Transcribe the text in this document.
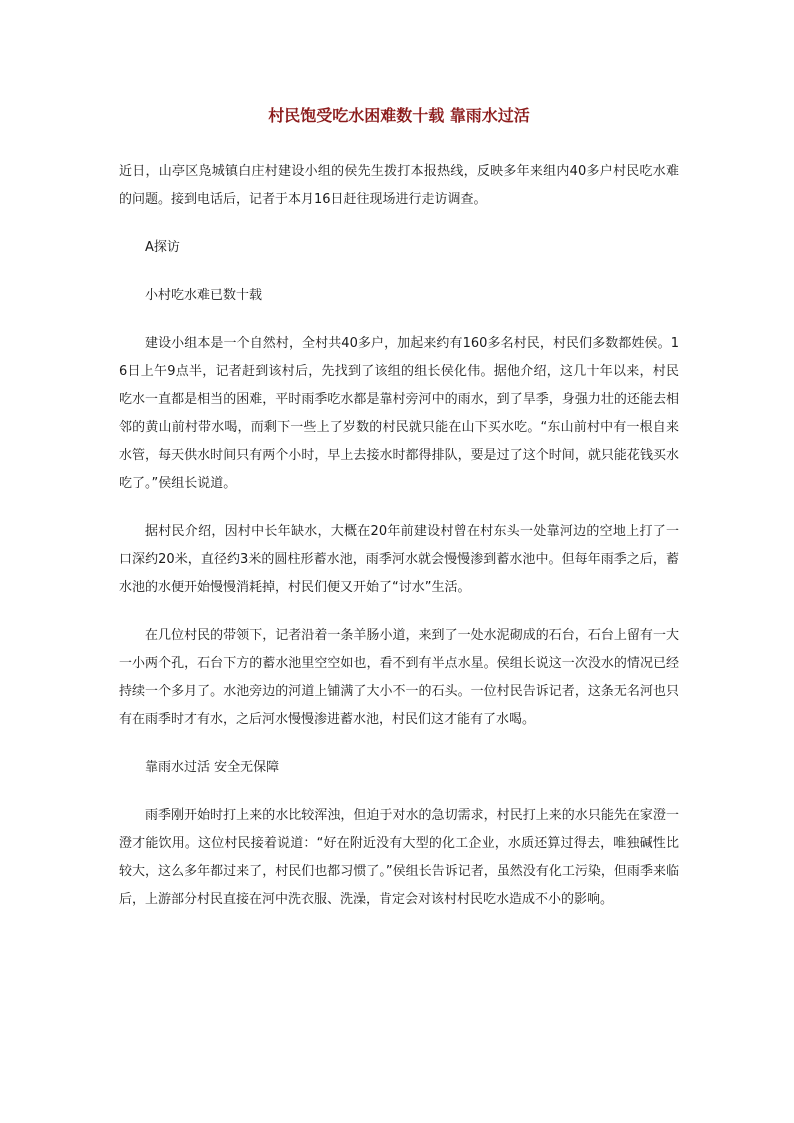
村民饱受吃水困难数十载 靠雨水过活

近日，山亭区凫城镇白庄村建设小组的侯先生拨打本报热线，反映多年来组内40多户村民吃水难的问题。接到电话后，记者于本月16日赶往现场进行走访调查。

A探访

小村吃水难已数十载

建设小组本是一个自然村，全村共40多户，加起来约有160多名村民，村民们多数都姓侯。16日上午9点半，记者赶到该村后，先找到了该组的组长侯化伟。据他介绍，这几十年以来，村民吃水一直都是相当的困难，平时雨季吃水都是靠村旁河中的雨水，到了旱季，身强力壮的还能去相邻的黄山前村带水喝，而剩下一些上了岁数的村民就只能在山下买水吃。“东山前村中有一根自来水管，每天供水时间只有两个小时，早上去接水时都得排队，要是过了这个时间，就只能花钱买水吃了。”侯组长说道。

据村民介绍，因村中长年缺水，大概在20年前建设村曾在村东头一处靠河边的空地上打了一口深约20米，直径约3米的圆柱形蓄水池，雨季河水就会慢慢渗到蓄水池中。但每年雨季之后，蓄水池的水便开始慢慢消耗掉，村民们便又开始了“讨水”生活。

在几位村民的带领下，记者沿着一条羊肠小道，来到了一处水泥砌成的石台，石台上留有一大一小两个孔，石台下方的蓄水池里空空如也，看不到有半点水星。侯组长说这一次没水的情况已经持续一个多月了。水池旁边的河道上铺满了大小不一的石头。一位村民告诉记者，这条无名河也只有在雨季时才有水，之后河水慢慢渗进蓄水池，村民们这才能有了水喝。

靠雨水过活 安全无保障

雨季刚开始时打上来的水比较浑浊，但迫于对水的急切需求，村民打上来的水只能先在家澄一澄才能饮用。这位村民接着说道：“好在附近没有大型的化工企业，水质还算过得去，唯独碱性比较大，这么多年都过来了，村民们也都习惯了。”侯组长告诉记者，虽然没有化工污染，但雨季来临后，上游部分村民直接在河中洗衣服、洗澡，肯定会对该村村民吃水造成不小的影响。
